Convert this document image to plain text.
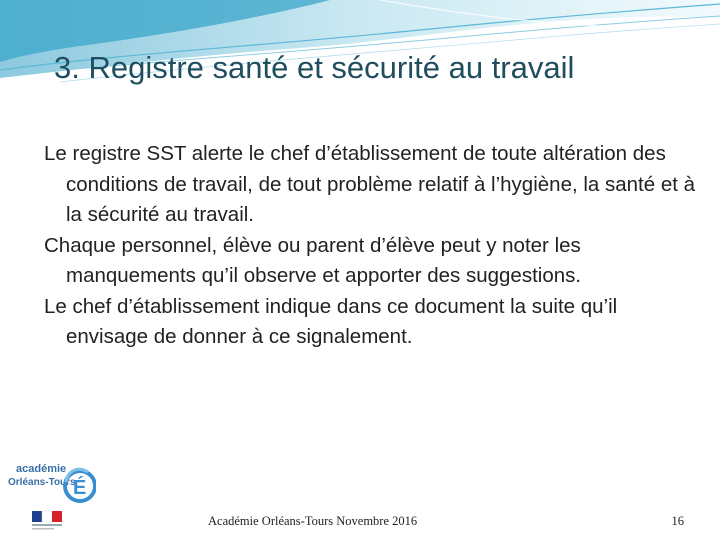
3. Registre santé et sécurité au travail

Le registre SST alerte le chef d’établissement de toute altération des conditions de travail, de tout problème relatif à l’hygiène, la santé et à la sécurité au travail.

Chaque personnel, élève ou parent d’élève peut y noter les manquements qu’il observe et apporter des suggestions.

Le chef d’établissement indique dans ce document la suite qu’il envisage de donner à ce signalement.

académie
Orléans-Tours
É
Académie Orléans-Tours Novembre 2016	16
